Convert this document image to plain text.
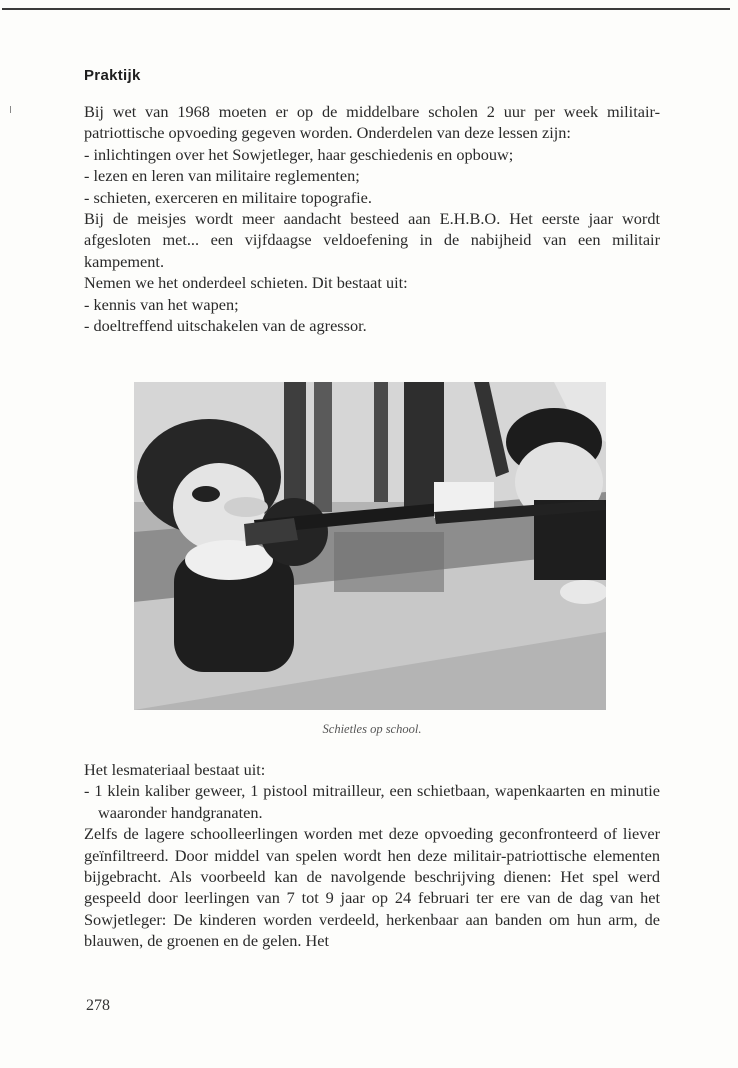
Praktijk

Bij wet van 1968 moeten er op de middelbare scholen 2 uur per week militair-patriottische opvoeding gegeven worden. Onderdelen van deze lessen zijn:

- inlichtingen over het Sowjetleger, haar geschiedenis en opbouw;
- lezen en leren van militaire reglementen;
- schieten, exerceren en militaire topografie.

Bij de meisjes wordt meer aandacht besteed aan E.H.B.O. Het eerste jaar wordt afgesloten met... een vijfdaagse veldoefening in de nabijheid van een militair kampement.

Nemen we het onderdeel schieten. Dit bestaat uit:

- kennis van het wapen;
- doeltreffend uitschakelen van de agressor.
Schietles op school.

Het lesmateriaal bestaat uit:

- 1 klein kaliber geweer, 1 pistool mitrailleur, een schietbaan, wapenkaarten en minutie waaronder handgranaten.

Zelfs de lagere schoolleerlingen worden met deze opvoeding geconfronteerd of liever geïnfiltreerd. Door middel van spelen wordt hen deze militair-patriottische elementen bijgebracht. Als voorbeeld kan de navolgende beschrijving dienen: Het spel werd gespeeld door leerlingen van 7 tot 9 jaar op 24 februari ter ere van de dag van het Sowjetleger: De kinderen worden verdeeld, herkenbaar aan banden om hun arm, de blauwen, de groenen en de gelen. Het

278
